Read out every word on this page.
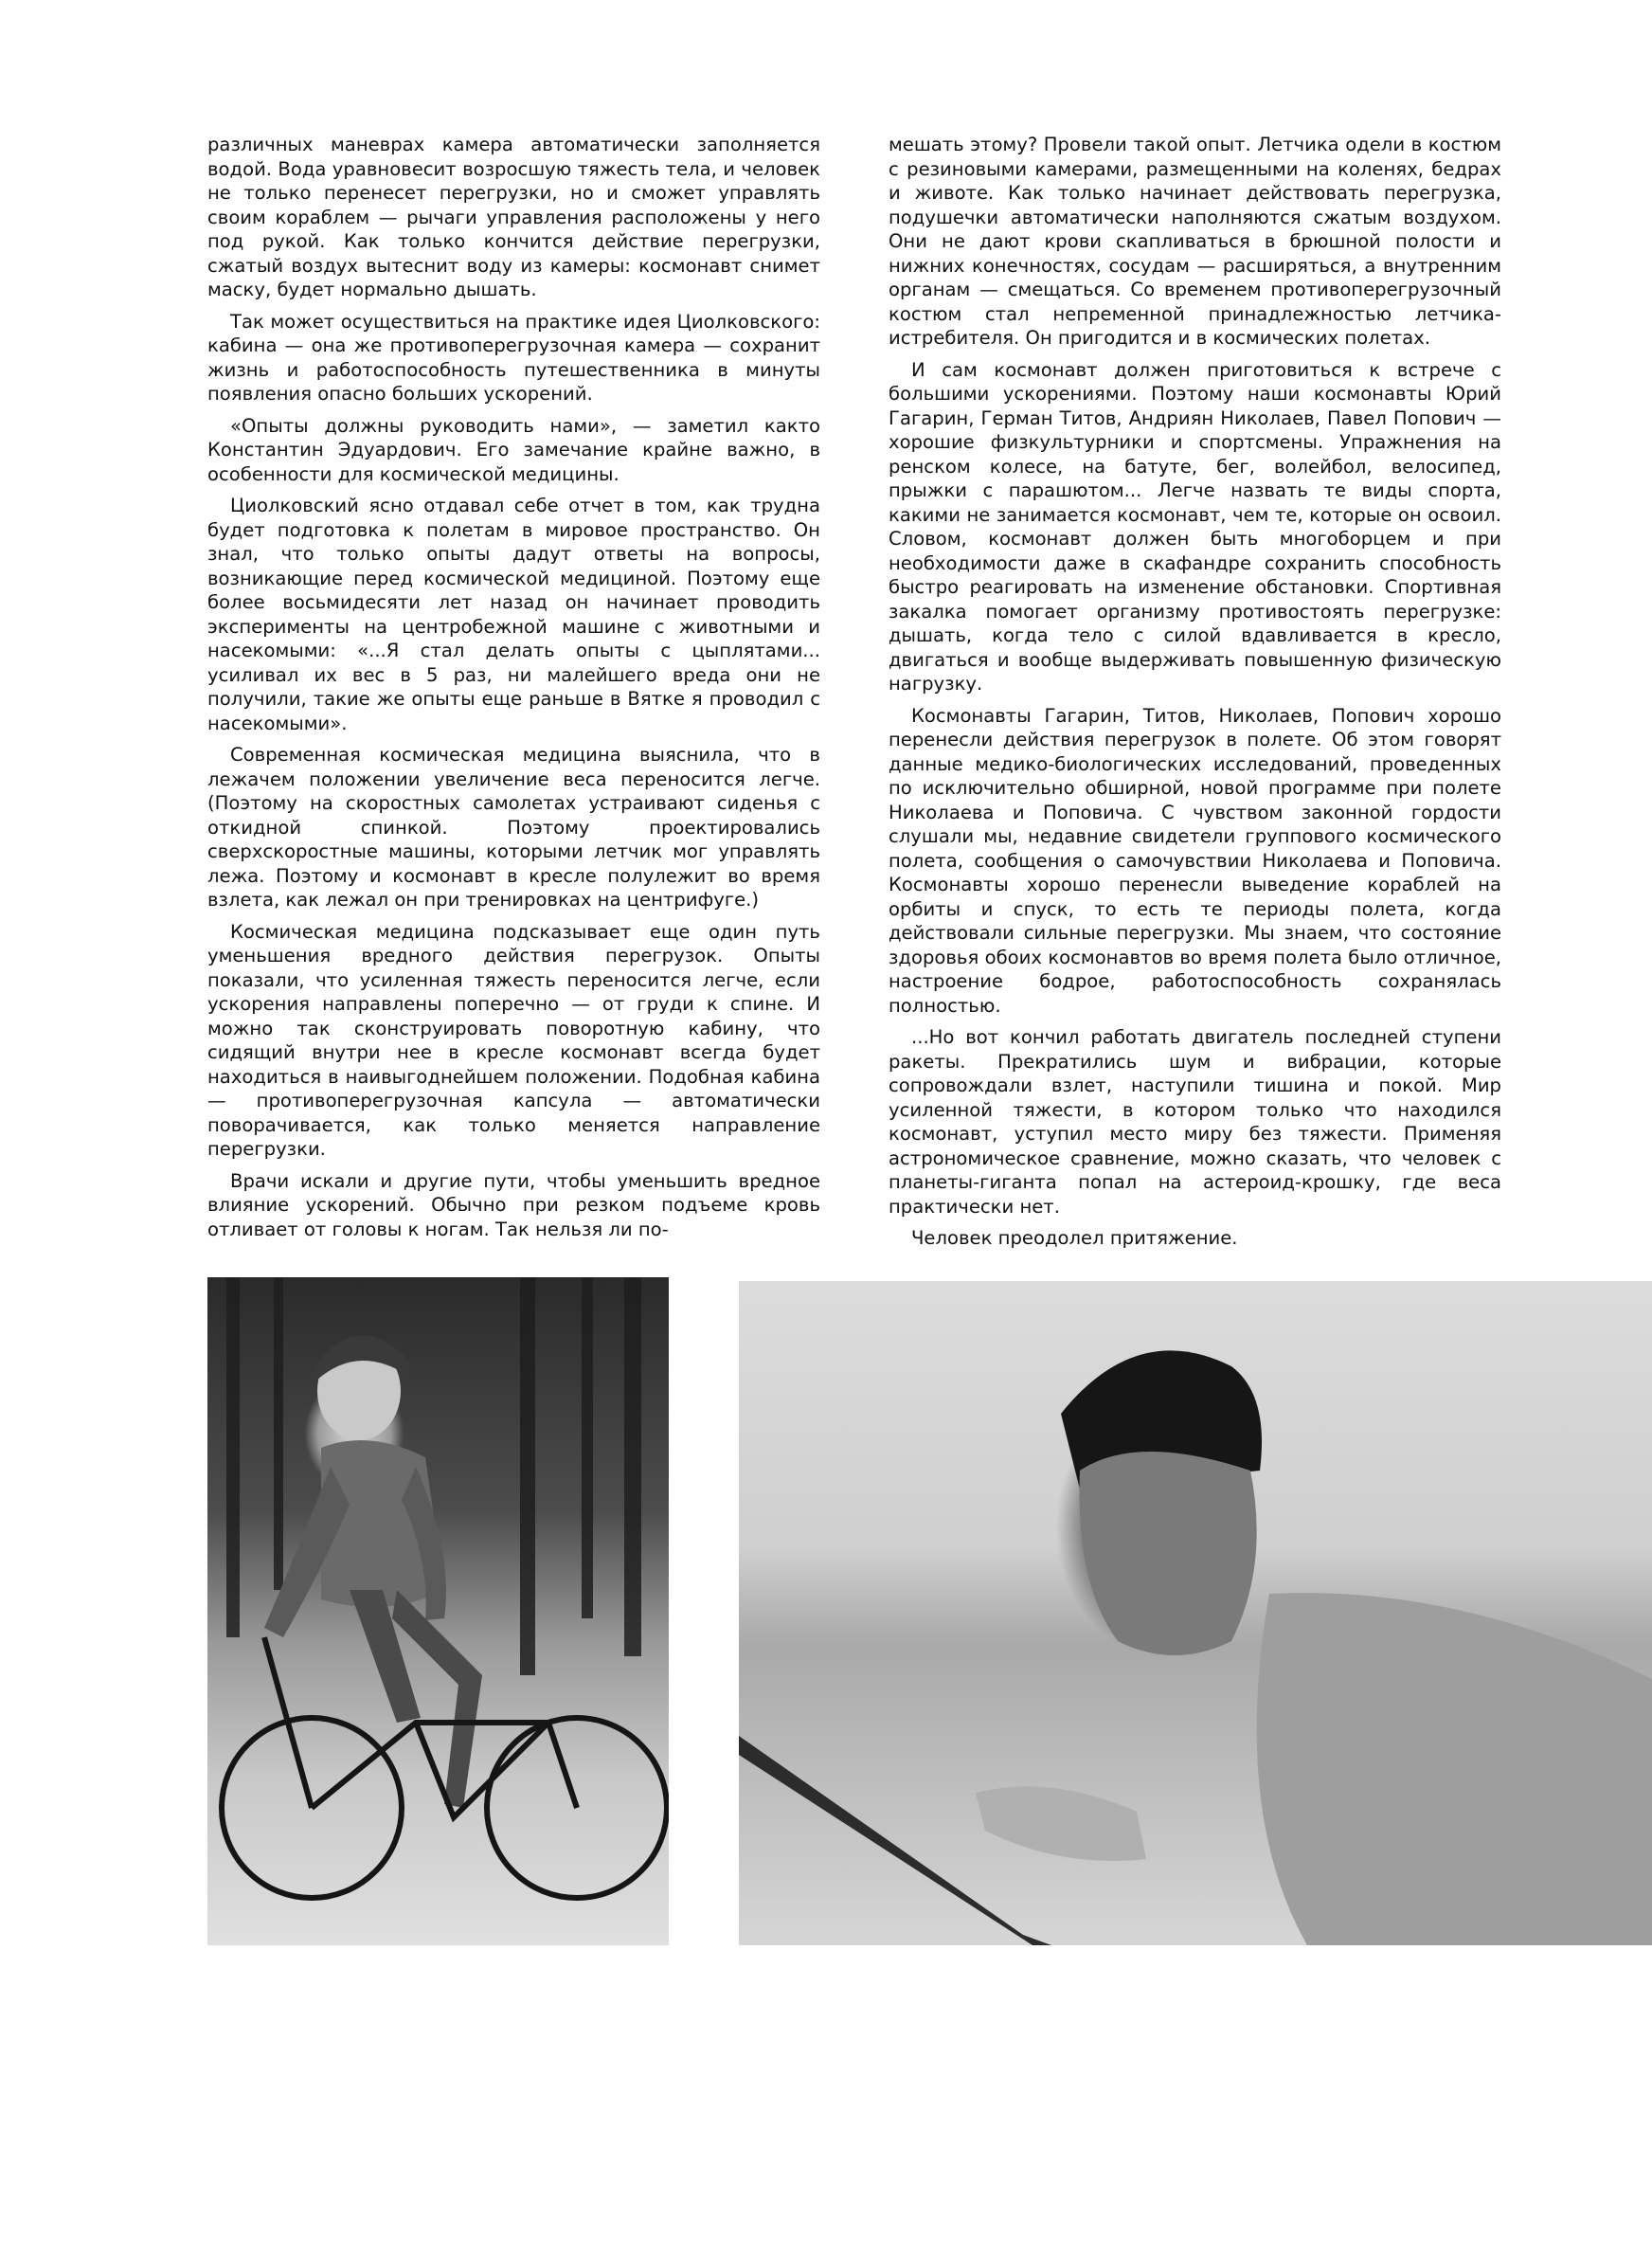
различных маневрах камера автоматически заполняется водой. Вода уравновесит возросшую тяжесть тела, и человек не только перенесет перегрузки, но и сможет управлять своим кораблем — рычаги управления расположены у него под рукой. Как только кончится действие перегрузки, сжатый воздух вытеснит воду из камеры: космонавт снимет маску, будет нормально дышать.

Так может осуществиться на практике идея Циолковского: кабина — она же противоперегрузочная камера — сохранит жизнь и работоспособность путешественника в минуты появления опасно больших ускорений.

«Опыты должны руководить нами», — заметил както Константин Эдуардович. Его замечание крайне важно, в особенности для космической медицины.

Циолковский ясно отдавал себе отчет в том, как трудна будет подготовка к полетам в мировое пространство. Он знал, что только опыты дадут ответы на вопросы, возникающие перед космической медициной. Поэтому еще более восьмидесяти лет назад он начинает проводить эксперименты на центробежной машине с животными и насекомыми: «...Я стал делать опыты с цыплятами... усиливал их вес в 5 раз, ни малейшего вреда они не получили, такие же опыты еще раньше в Вятке я проводил с насекомыми».

Современная космическая медицина выяснила, что в лежачем положении увеличение веса переносится легче. (Поэтому на скоростных самолетах устраивают сиденья с откидной спинкой. Поэтому проектировались сверхскоростные машины, которыми летчик мог управлять лежа. Поэтому и космонавт в кресле полулежит во время взлета, как лежал он при тренировках на центрифуге.)

Космическая медицина подсказывает еще один путь уменьшения вредного действия перегрузок. Опыты показали, что усиленная тяжесть переносится легче, если ускорения направлены поперечно — от груди к спине. И можно так сконструировать поворотную кабину, что сидящий внутри нее в кресле космонавт всегда будет находиться в наивыгоднейшем положении. Подобная кабина — противоперегрузочная капсула — автоматически поворачивается, как только меняется направление перегрузки.

Врачи искали и другие пути, чтобы уменьшить вредное влияние ускорений. Обычно при резком подъеме кровь отливает от головы к ногам. Так нельзя ли по-

мешать этому? Провели такой опыт. Летчика одели в костюм с резиновыми камерами, размещенными на коленях, бедрах и животе. Как только начинает действовать перегрузка, подушечки автоматически наполняются сжатым воздухом. Они не дают крови скапливаться в брюшной полости и нижних конечностях, сосудам — расширяться, а внутренним органам — смещаться. Со временем противоперегрузочный костюм стал непременной принадлежностью летчика-истребителя. Он пригодится и в космических полетах.

И сам космонавт должен приготовиться к встрече с большими ускорениями. Поэтому наши космонавты Юрий Гагарин, Герман Титов, Андриян Николаев, Павел Попович — хорошие физкультурники и спортсмены. Упражнения на ренском колесе, на батуте, бег, волейбол, велосипед, прыжки с парашютом... Легче назвать те виды спорта, какими не занимается космонавт, чем те, которые он освоил. Словом, космонавт должен быть многоборцем и при необходимости даже в скафандре сохранить способность быстро реагировать на изменение обстановки. Спортивная закалка помогает организму противостоять перегрузке: дышать, когда тело с силой вдавливается в кресло, двигаться и вообще выдерживать повышенную физическую нагрузку.

Космонавты Гагарин, Титов, Николаев, Попович хорошо перенесли действия перегрузок в полете. Об этом говорят данные медико-биологических исследований, проведенных по исключительно обширной, новой программе при полете Николаева и Поповича. С чувством законной гордости слушали мы, недавние свидетели группового космического полета, сообщения о самочувствии Николаева и Поповича. Космонавты хорошо перенесли выведение кораблей на орбиты и спуск, то есть те периоды полета, когда действовали сильные перегрузки. Мы знаем, что состояние здоровья обоих космонавтов во время полета было отличное, настроение бодрое, работоспособность сохранялась полностью.

...Но вот кончил работать двигатель последней ступени ракеты. Прекратились шум и вибрации, которые сопровождали взлет, наступили тишина и покой. Мир усиленной тяжести, в котором только что находился космонавт, уступил место миру без тяжести. Применяя астрономическое сравнение, можно сказать, что человек с планеты-гиганта попал на астероид-крошку, где веса практически нет.

Человек преодолел притяжение.
